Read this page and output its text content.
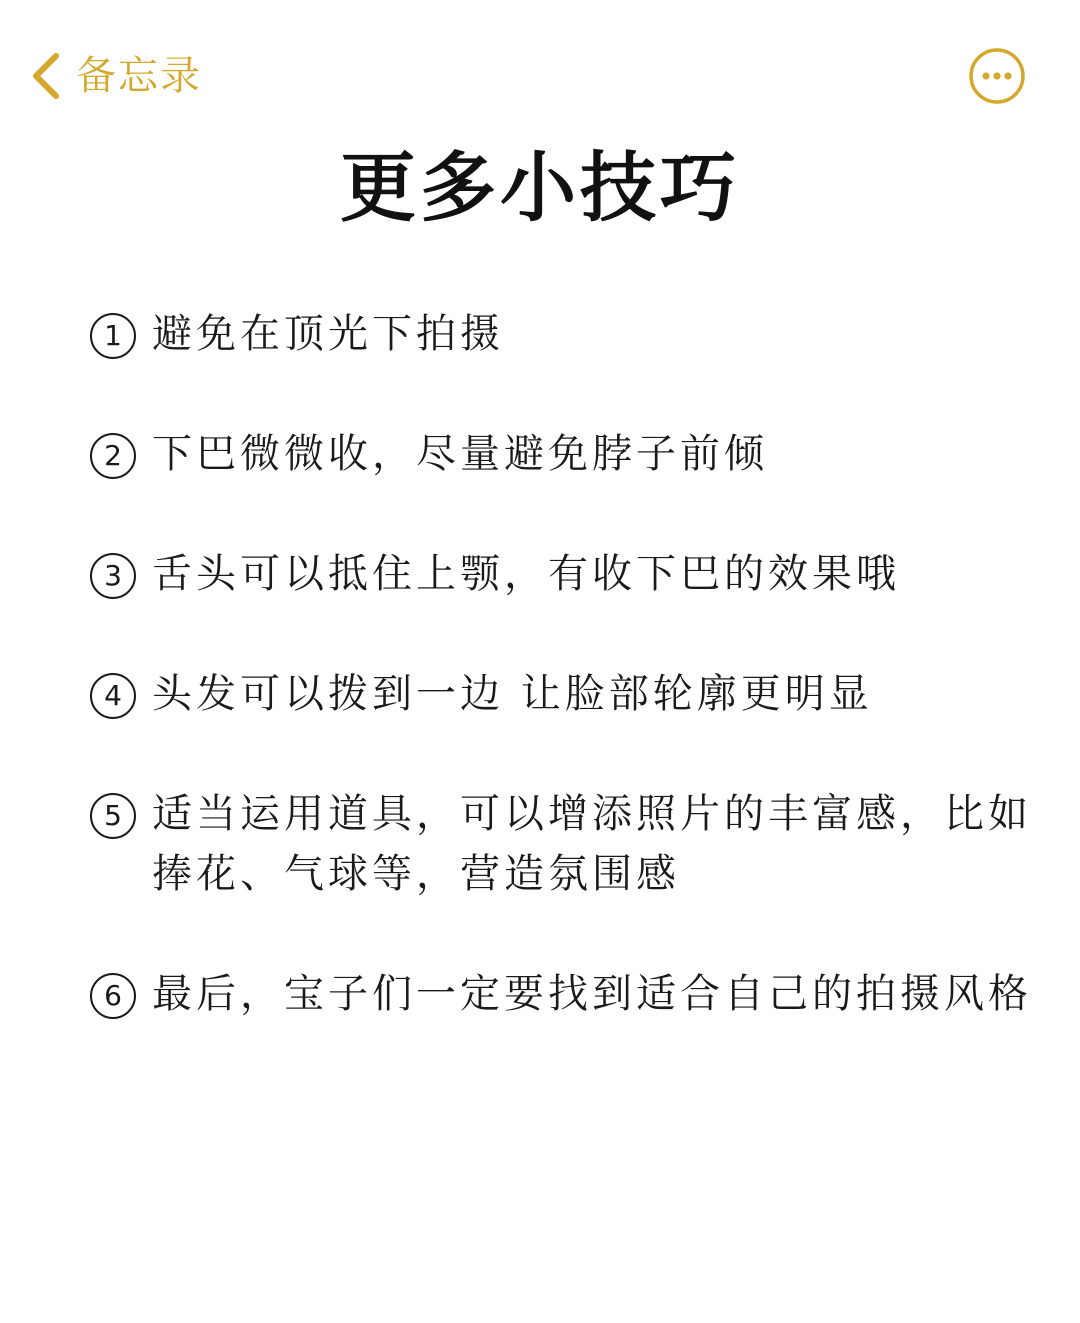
备忘录
更多小技巧
1 避免在顶光下拍摄
2 下巴微微收，尽量避免脖子前倾
3 舌头可以抵住上颚，有收下巴的效果哦
4 头发可以拨到一边 让脸部轮廓更明显
5 适当运用道具，可以增添照片的丰富感，比如捧花、气球等，营造氛围感
6 最后，宝子们一定要找到适合自己的拍摄风格
